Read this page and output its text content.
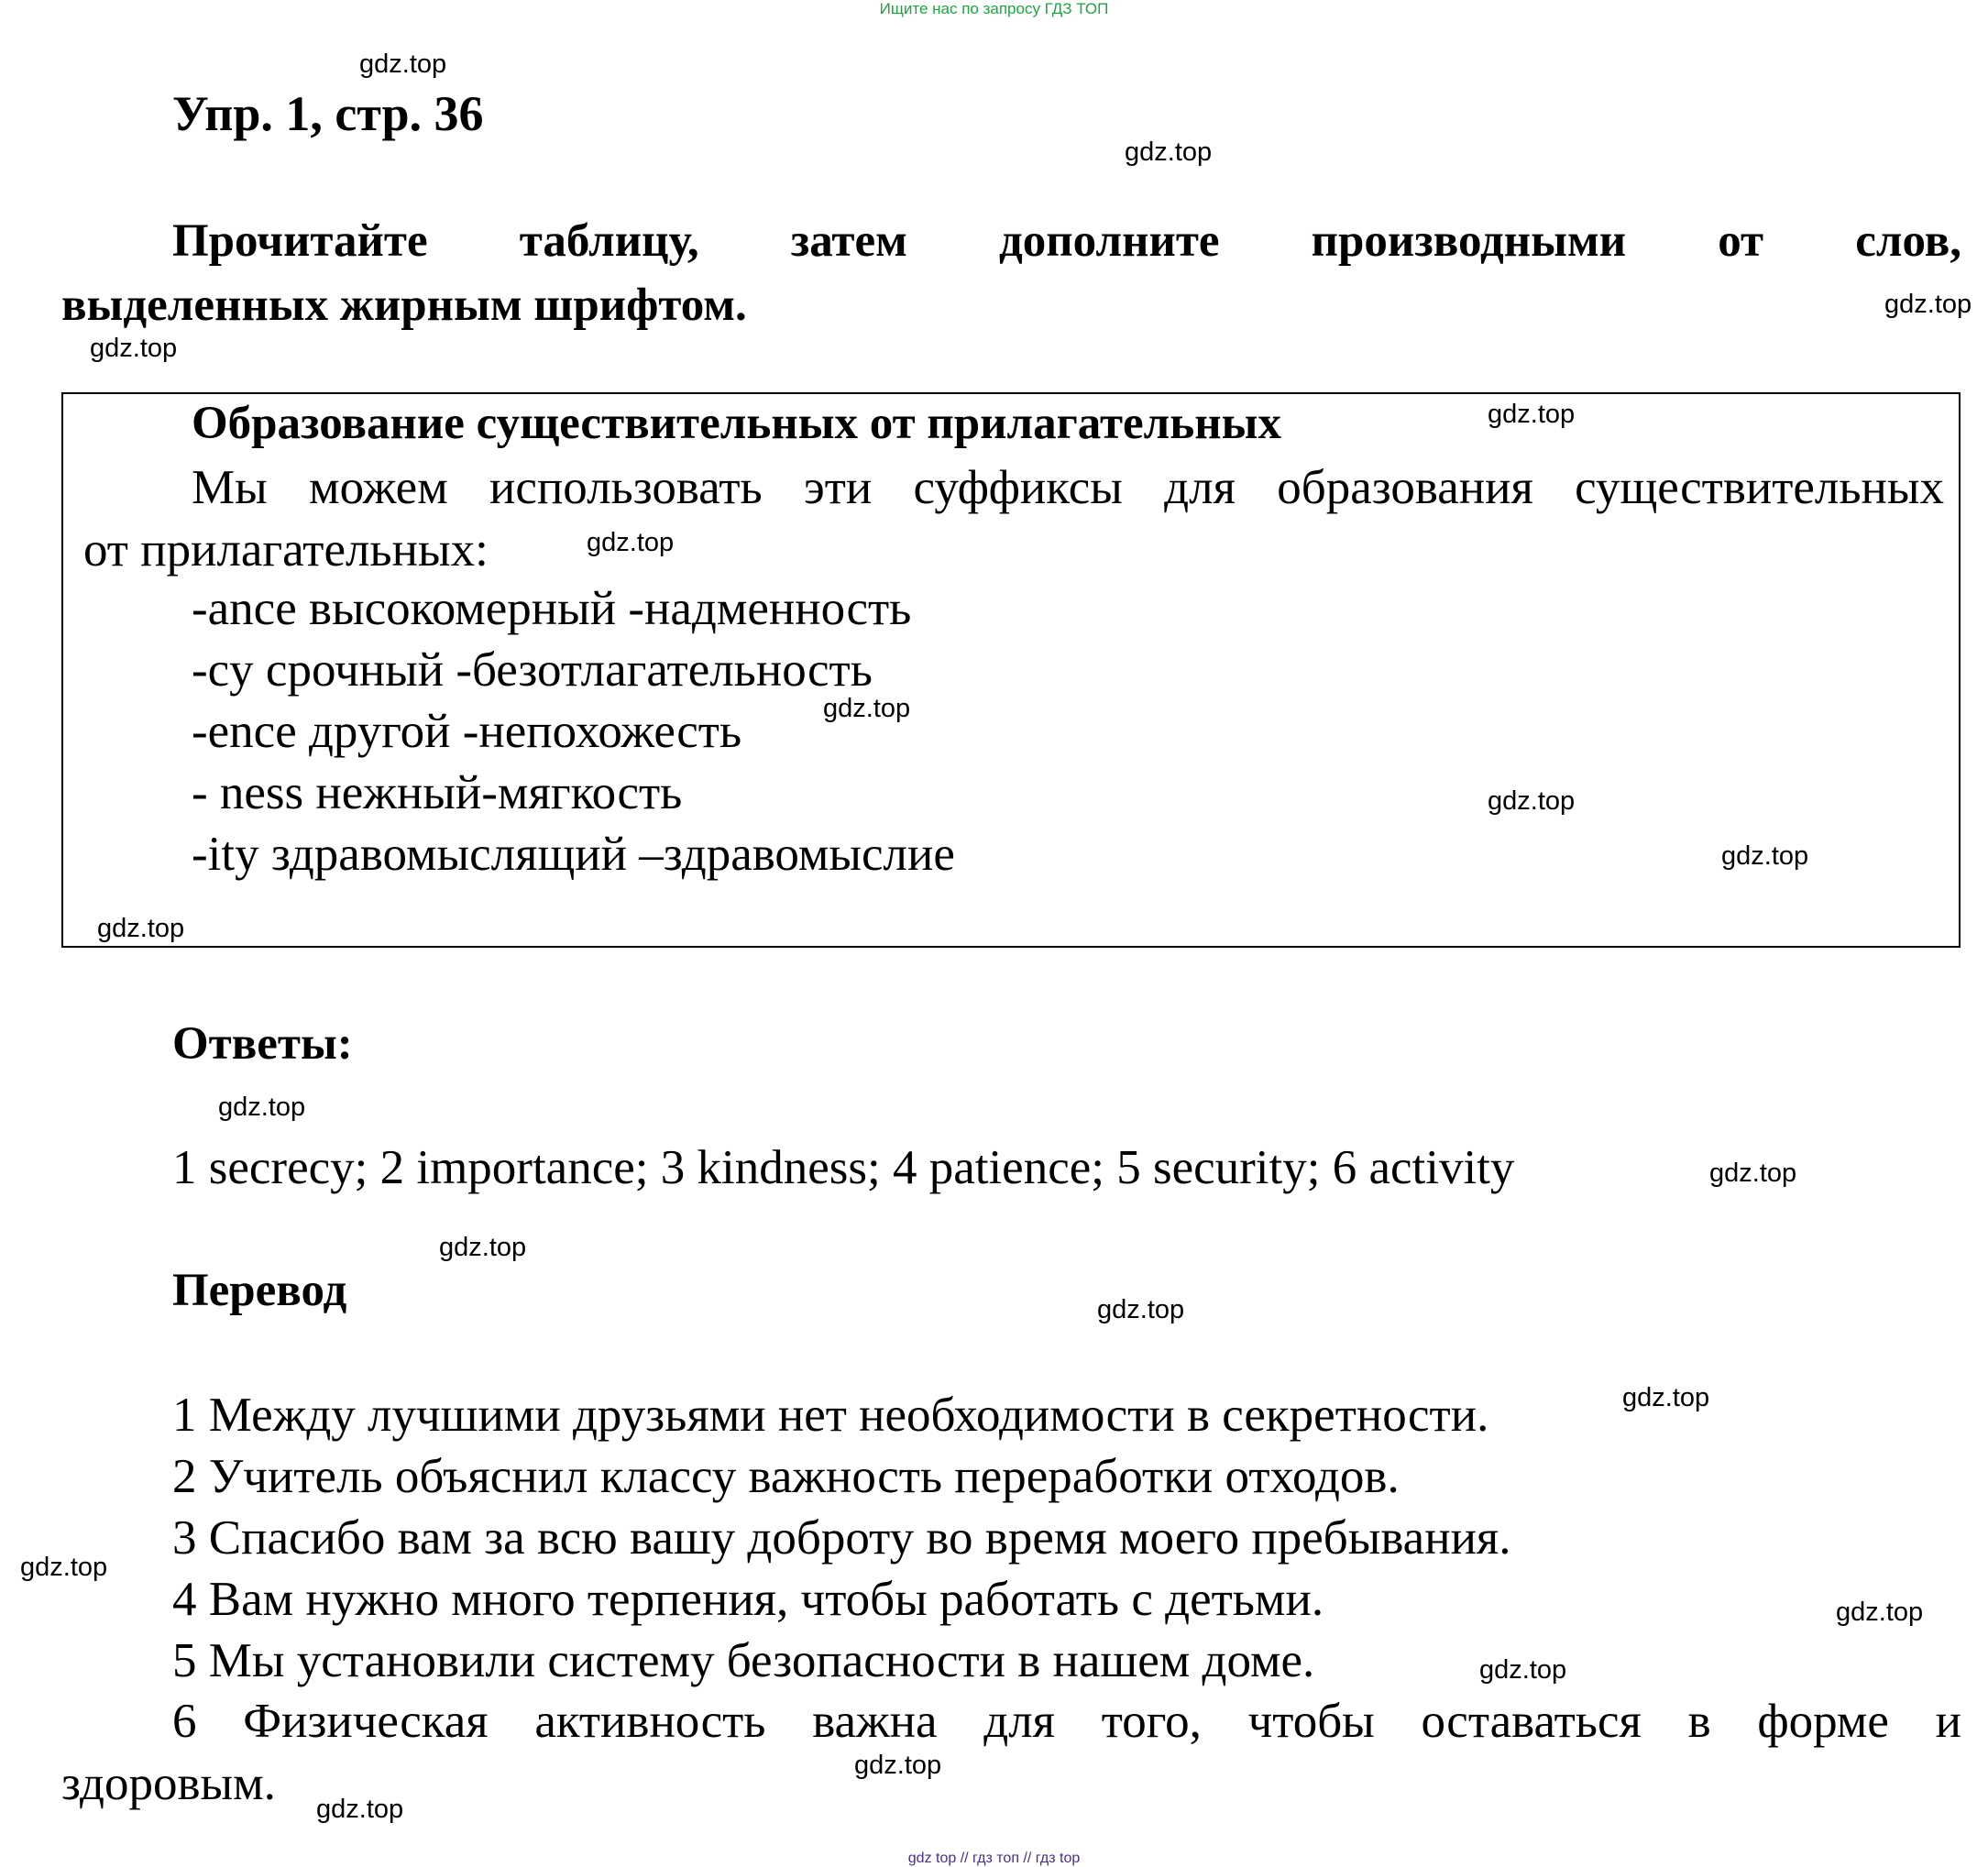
Ищите нас по запросу ГДЗ ТОП
Упр. 1, стр. 36
Прочитайте таблицу, затем дополните производными от слов,
выделенных жирным шрифтом.
Образование существительных от прилагательных
Мы можем использовать эти суффиксы для образования существительных
от прилагательных:
-ance высокомерный -надменность
-cy срочный -безотлагательность
-ence другой -непохожесть
- ness нежный-мягкость
-ity здравомыслящий –здравомыслие
Ответы:
1 secrecy; 2 importance; 3 kindness; 4 patience; 5 security; 6 activity
Перевод
1 Между лучшими друзьями нет необходимости в секретности.
2 Учитель объяснил классу важность переработки отходов.
3 Спасибо вам за всю вашу доброту во время моего пребывания.
4 Вам нужно много терпения, чтобы работать с детьми.
5 Мы установили систему безопасности в нашем доме.
6 Физическая активность важна для того, чтобы оставаться в форме и
здоровым.
gdz.top
gdz.top
gdz.top
gdz.top
gdz.top
gdz.top
gdz.top
gdz.top
gdz.top
gdz.top
gdz.top
gdz.top
gdz.top
gdz.top
gdz.top
gdz.top
gdz.top
gdz.top
gdz.top
gdz.top
gdz top // гдз топ // гдз top
